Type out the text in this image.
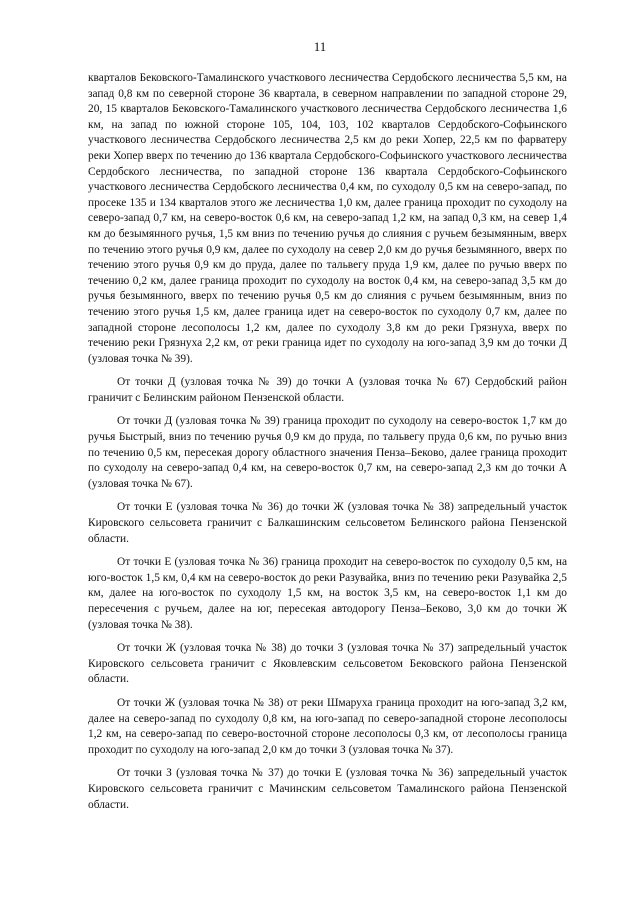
11

кварталов Бековского-Тамалинского участкового лесничества Сердобского лесничества 5,5 км, на запад 0,8 км по северной стороне 36 квартала, в северном направлении по западной стороне 29, 20, 15 кварталов Бековского-Тамалинского участкового лесничества Сердобского лесничества 1,6 км, на запад по южной стороне 105, 104, 103, 102 кварталов Сердобского-Софьинского участкового лесничества Сердобского лесничества 2,5 км до реки Хопер, 22,5 км по фарватеру реки Хопер вверх по течению до 136 квартала Сердобского-Софьинского участкового лесничества Сердобского лесничества, по западной стороне 136 квартала Сердобского-Софьинского участкового лесничества Сердобского лесничества 0,4 км, по суходолу 0,5 км на северо-запад, по просеке 135 и 134 кварталов этого же лесничества 1,0 км, далее граница проходит по суходолу на северо-запад 0,7 км, на северо-восток 0,6 км, на северо-запад 1,2 км, на запад 0,3 км, на север 1,4 км до безымянного ручья, 1,5 км вниз по течению ручья до слияния с ручьем безымянным, вверх по течению этого ручья 0,9 км, далее по суходолу на север 2,0 км до ручья безымянного, вверх по течению этого ручья 0,9 км до пруда, далее по тальвегу пруда 1,9 км, далее по ручью вверх по течению 0,2 км, далее граница проходит по суходолу на восток 0,4 км, на северо-запад 3,5 км до ручья безымянного, вверх по течению ручья 0,5 км до слияния с ручьем безымянным, вниз по течению этого ручья 1,5 км, далее граница идет на северо-восток по суходолу 0,7 км, далее по западной стороне лесополосы 1,2 км, далее по суходолу 3,8 км до реки Грязнуха, вверх по течению реки Грязнуха 2,2 км, от реки граница идет по суходолу на юго-запад 3,9 км до точки Д (узловая точка № 39).

От точки Д (узловая точка № 39) до точки А (узловая точка № 67) Сердобский район граничит с Белинским районом Пензенской области.

От точки Д (узловая точка № 39) граница проходит по суходолу на северо-восток 1,7 км до ручья Быстрый, вниз по течению ручья 0,9 км до пруда, по тальвегу пруда 0,6 км, по ручью вниз по течению 0,5 км, пересекая дорогу областного значения Пенза–Беково, далее граница проходит по суходолу на северо-запад 0,4 км, на северо-восток 0,7 км, на северо-запад 2,3 км до точки А (узловая точка № 67).

От точки Е (узловая точка № 36) до точки Ж (узловая точка № 38) запредельный участок Кировского сельсовета граничит с Балкашинским сельсоветом Белинского района Пензенской области.

От точки Е (узловая точка № 36) граница проходит на северо-восток по суходолу 0,5 км, на юго-восток 1,5 км, 0,4 км на северо-восток до реки Разувайка, вниз по течению реки Разувайка 2,5 км, далее на юго-восток по суходолу 1,5 км, на восток 3,5 км, на северо-восток 1,1 км до пересечения с ручьем, далее на юг, пересекая автодорогу Пенза–Беково, 3,0 км до точки Ж (узловая точка № 38).

От точки Ж (узловая точка № 38) до точки З (узловая точка № 37) запредельный участок Кировского сельсовета граничит с Яковлевским сельсоветом Бековского района Пензенской области.

От точки Ж (узловая точка № 38) от реки Шмаруха граница проходит на юго-запад 3,2 км, далее на северо-запад по суходолу 0,8 км, на юго-запад по северо-западной стороне лесополосы 1,2 км, на северо-запад по северо-восточной стороне лесополосы 0,3 км, от лесополосы граница проходит по суходолу на юго-запад 2,0 км до точки З (узловая точка № 37).

От точки З (узловая точка № 37) до точки Е (узловая точка № 36) запредельный участок Кировского сельсовета граничит с Мачинским сельсоветом Тамалинского района Пензенской области.
